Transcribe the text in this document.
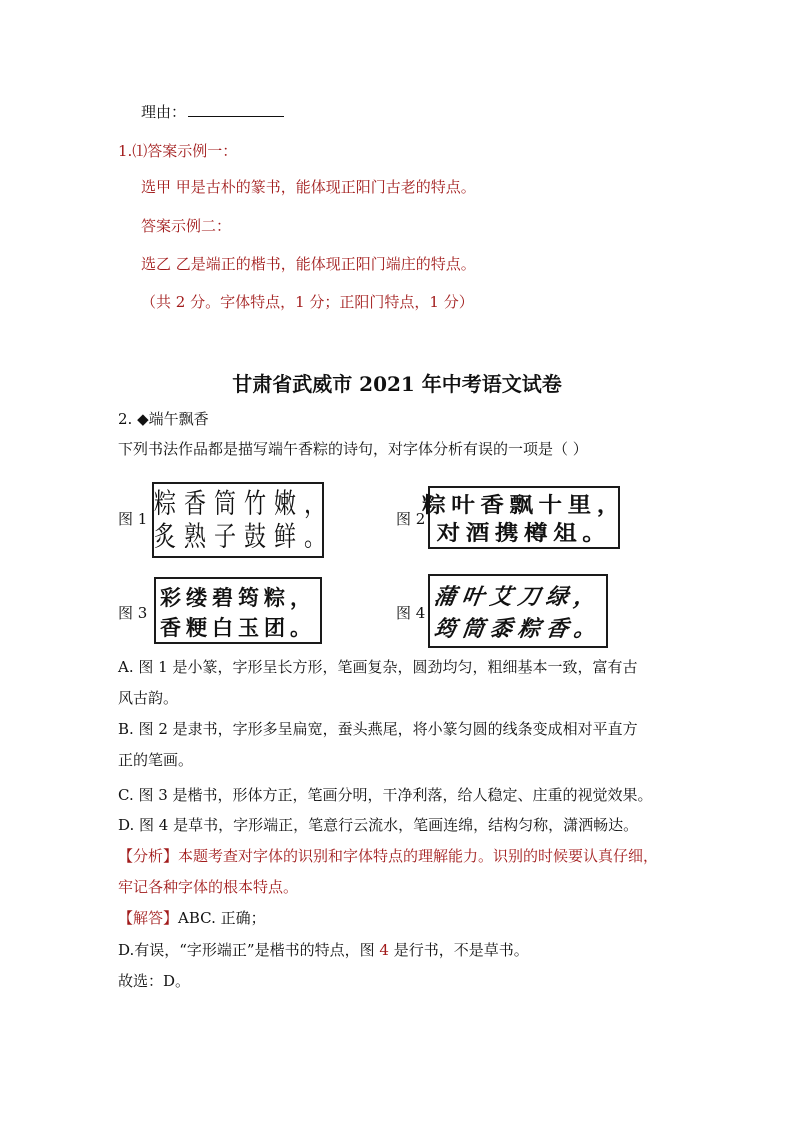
理由：
1.⑴答案示例一：
选甲 甲是古朴的篆书，能体现正阳门古老的特点。
答案示例二：
选乙 乙是端正的楷书，能体现正阳门端庄的特点。
（共 2 分。字体特点，1 分；正阳门特点，1 分）
甘肃省武威市 2021 年中考语文试卷
2. ◆端午飘香
下列书法作品都是描写端午香粽的诗句，对字体分析有误的一项是（ ）
图 1 粽香筒竹嫩，
炙熟子鼓鲜。
图 2
粽叶香飘十里，
对酒携樽俎。
图 3
彩缕碧筠粽，
香粳白玉团。
图 4
蒲叶艾刀绿，
筠筒黍粽香。
A. 图 1 是小篆，字形呈长方形，笔画复杂，圆劲均匀，粗细基本一致，富有古
风古韵。
B. 图 2 是隶书，字形多呈扁宽，蚕头燕尾，将小篆匀圆的线条变成相对平直方
正的笔画。
C. 图 3 是楷书，形体方正，笔画分明，干净利落，给人稳定、庄重的视觉效果。
D. 图 4 是草书，字形端正，笔意行云流水，笔画连绵，结构匀称，潇洒畅达。
【分析】本题考查对字体的识别和字体特点的理解能力。识别的时候要认真仔细，
牢记各种字体的根本特点。
【解答】ABC. 正确；
D.有误，“字形端正”是楷书的特点，图 4 是行书，不是草书。
故选：D。
